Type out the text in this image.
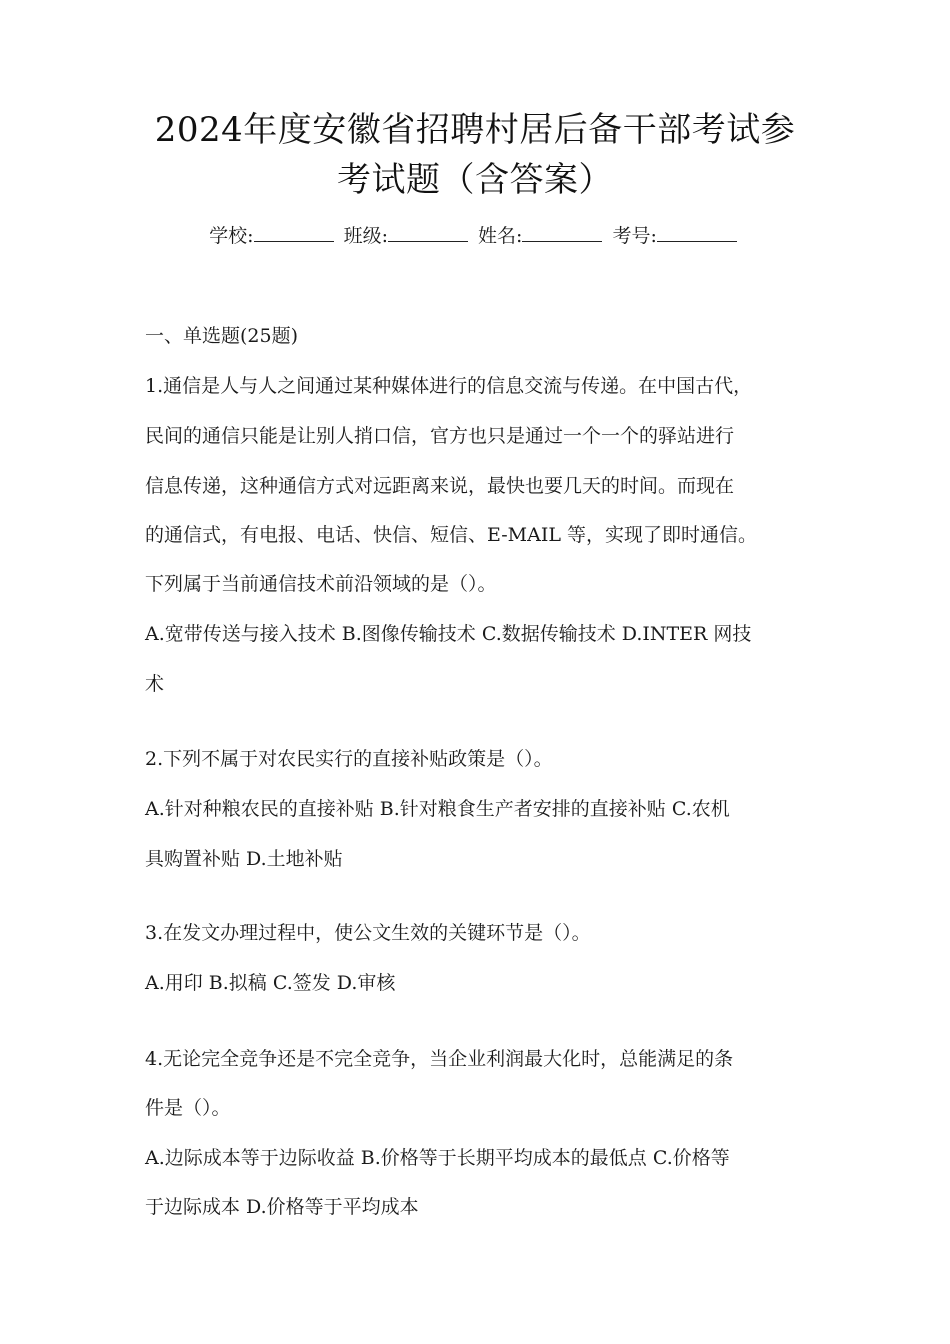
2024年度安徽省招聘村居后备干部考试参
考试题（含答案）
学校:	班级:	姓名:	考号:
一、单选题(25题)
1.通信是人与人之间通过某种媒体进行的信息交流与传递。在中国古代，
民间的通信只能是让别人捎口信，官方也只是通过一个一个的驿站进行
信息传递，这种通信方式对远距离来说，最快也要几天的时间。而现在
的通信式，有电报、电话、快信、短信、E-MAIL 等，实现了即时通信。
下列属于当前通信技术前沿领域的是（）。
A.宽带传送与接入技术 B.图像传输技术 C.数据传输技术 D.INTER 网技
术
2.下列不属于对农民实行的直接补贴政策是（）。
A.针对种粮农民的直接补贴 B.针对粮食生产者安排的直接补贴 C.农机
具购置补贴 D.土地补贴
3.在发文办理过程中，使公文生效的关键环节是（）。
A.用印 B.拟稿 C.签发 D.审核
4.无论完全竞争还是不完全竞争，当企业利润最大化时，总能满足的条
件是（）。
A.边际成本等于边际收益 B.价格等于长期平均成本的最低点 C.价格等
于边际成本 D.价格等于平均成本
